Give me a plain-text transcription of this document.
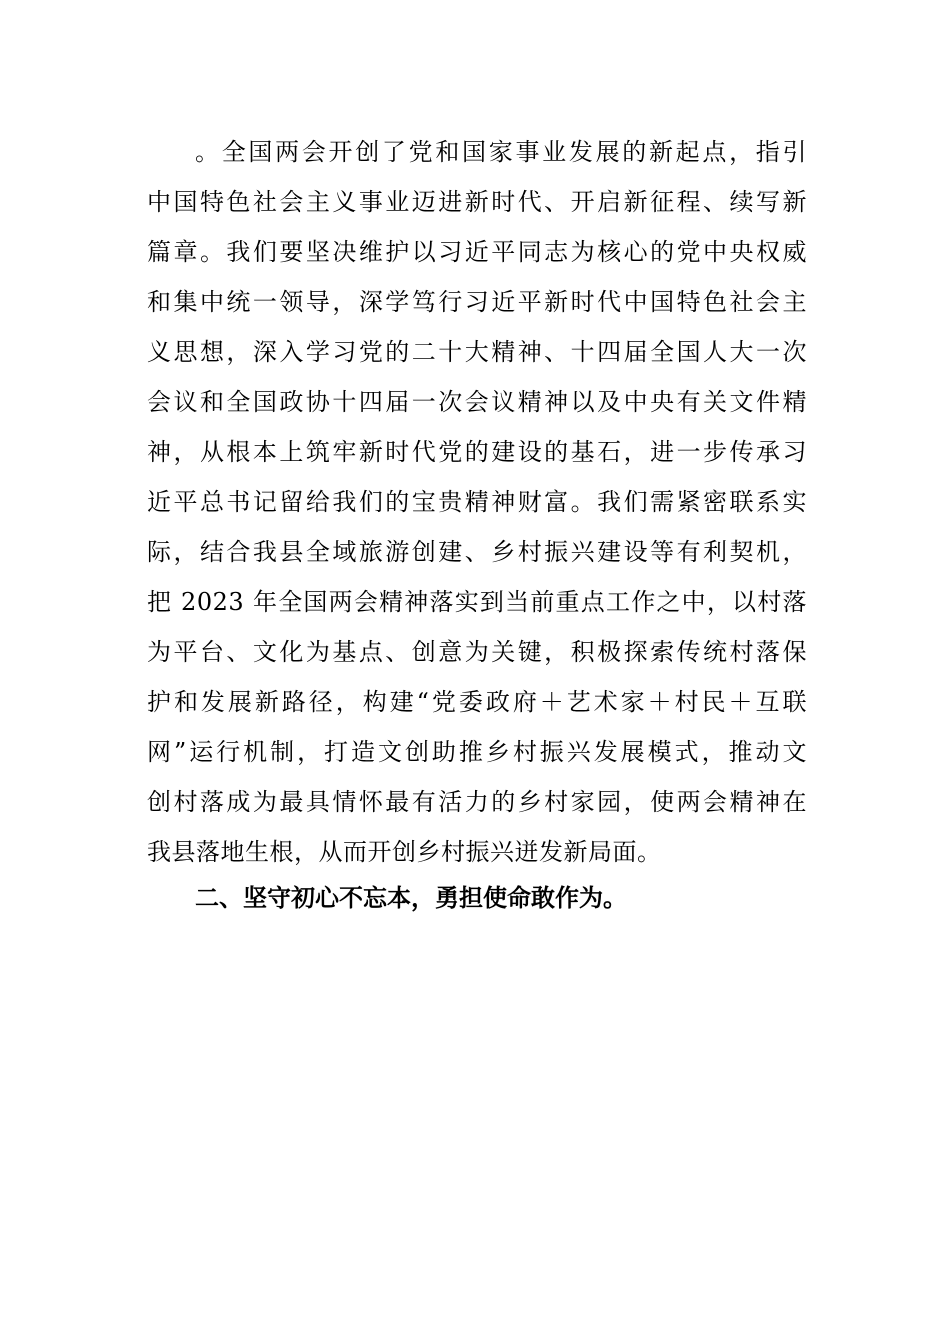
。全国两会开创了党和国家事业发展的新起点，指引
中国特色社会主义事业迈进新时代、开启新征程、续写新
篇章。我们要坚决维护以习近平同志为核心的党中央权威
和集中统一领导，深学笃行习近平新时代中国特色社会主
义思想，深入学习党的二十大精神、十四届全国人大一次
会议和全国政协十四届一次会议精神以及中央有关文件精
神，从根本上筑牢新时代党的建设的基石，进一步传承习
近平总书记留给我们的宝贵精神财富。我们需紧密联系实
际，结合我县全域旅游创建、乡村振兴建设等有利契机，
把 2023 年全国两会精神落实到当前重点工作之中，以村落
为平台、文化为基点、创意为关键，积极探索传统村落保
护和发展新路径，构建“党委政府＋艺术家＋村民＋互联
网”运行机制，打造文创助推乡村振兴发展模式，推动文
创村落成为最具情怀最有活力的乡村家园，使两会精神在
我县落地生根，从而开创乡村振兴迸发新局面。
二、坚守初心不忘本，勇担使命敢作为。
